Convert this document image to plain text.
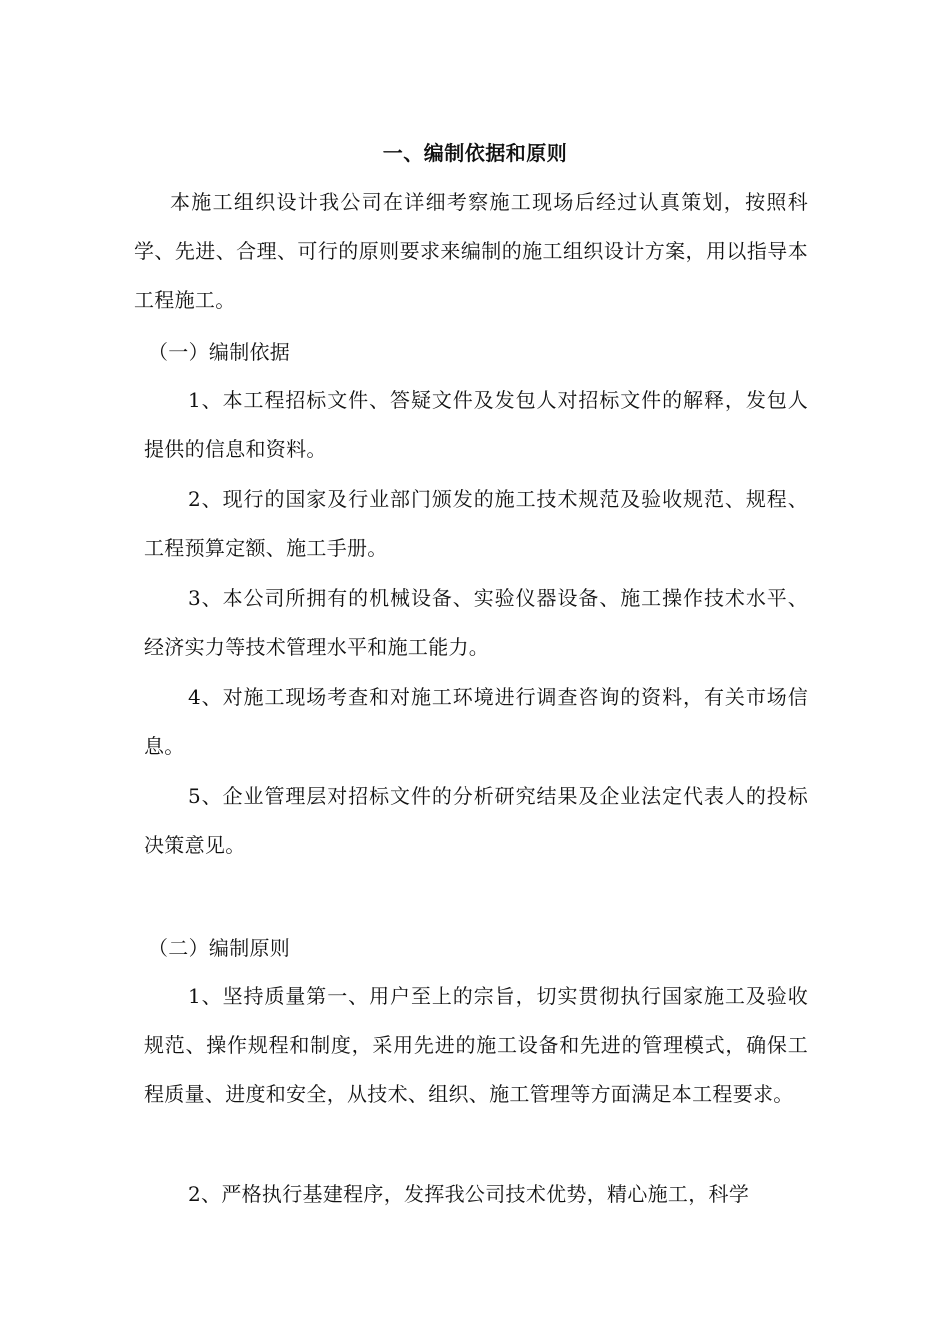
一、编制依据和原则
本施工组织设计我公司在详细考察施工现场后经过认真策划，按照科学、先进、合理、可行的原则要求来编制的施工组织设计方案，用以指导本工程施工。
（一）编制依据
1、本工程招标文件、答疑文件及发包人对招标文件的解释，发包人提供的信息和资料。
2、现行的国家及行业部门颁发的施工技术规范及验收规范、规程、工程预算定额、施工手册。
3、本公司所拥有的机械设备、实验仪器设备、施工操作技术水平、经济实力等技术管理水平和施工能力。
4、对施工现场考查和对施工环境进行调查咨询的资料，有关市场信息。
5、企业管理层对招标文件的分析研究结果及企业法定代表人的投标决策意见。
（二）编制原则
1、坚持质量第一、用户至上的宗旨，切实贯彻执行国家施工及验收规范、操作规程和制度，采用先进的施工设备和先进的管理模式，确保工程质量、进度和安全，从技术、组织、施工管理等方面满足本工程要求。
2、严格执行基建程序，发挥我公司技术优势，精心施工，科学
